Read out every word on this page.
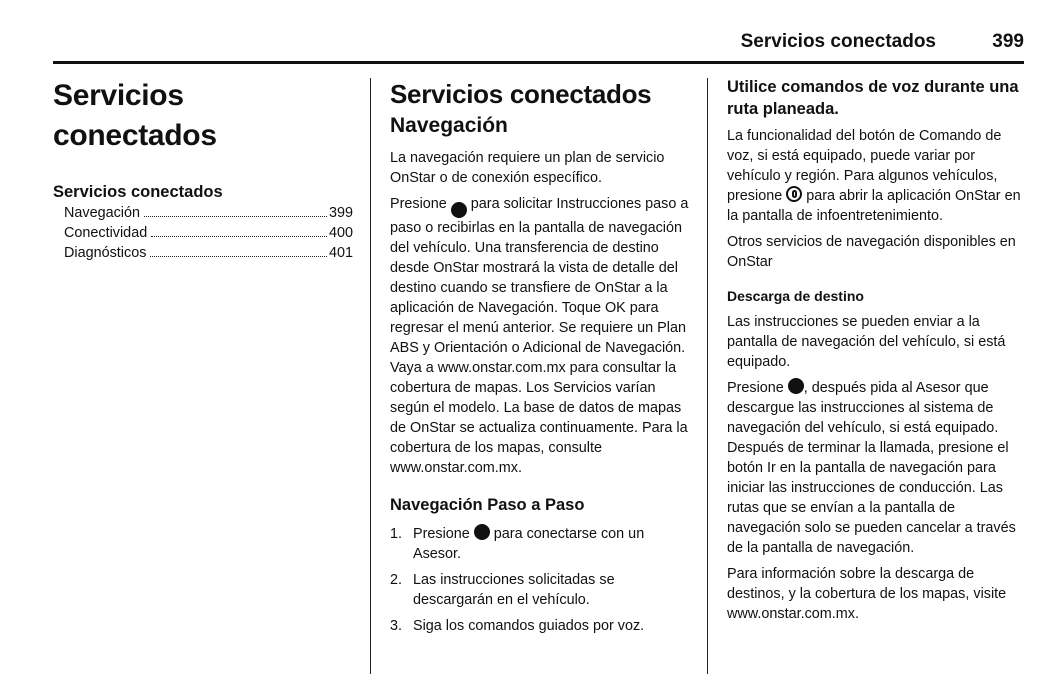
Servicios conectados	399
Servicios conectados
Servicios conectados
Navegación	399
Conectividad	400
Diagnósticos	401
Servicios conectados
Navegación

La navegación requiere un plan de servicio OnStar o de conexión específico.

Presione  para solicitar Instrucciones paso a paso o recibirlas en la pantalla de navegación del vehículo. Una transferencia de destino desde OnStar mostrará la vista de detalle del destino cuando se transfiere de OnStar a la aplicación de Navegación. Toque OK para regresar el menú anterior. Se requiere un Plan ABS y Orientación o Adicional de Navegación. Vaya a www.onstar.com.mx para consultar la cobertura de mapas. Los Servicios varían según el modelo. La base de datos de mapas de OnStar se actualiza continuamente. Para la cobertura de los mapas, consulte www.onstar.com.mx.

Navegación Paso a Paso
1. Presione  para conectarse con un Asesor.
2. Las instrucciones solicitadas se descargarán en el vehículo.
3. Siga los comandos guiados por voz.
Utilice comandos de voz durante una ruta planeada.

La funcionalidad del botón de Comando de voz, si está equipado, puede variar por vehículo y región. Para algunos vehículos, presione  para abrir la aplicación OnStar en la pantalla de infoentretenimiento.

Otros servicios de navegación disponibles en OnStar

Descarga de destino

Las instrucciones se pueden enviar a la pantalla de navegación del vehículo, si está equipado.

Presione , después pida al Asesor que descargue las instrucciones al sistema de navegación del vehículo, si está equipado. Después de terminar la llamada, presione el botón Ir en la pantalla de navegación para iniciar las instrucciones de conducción. Las rutas que se envían a la pantalla de navegación solo se pueden cancelar a través de la pantalla de navegación.

Para información sobre la descarga de destinos, y la cobertura de los mapas, visite www.onstar.com.mx.
